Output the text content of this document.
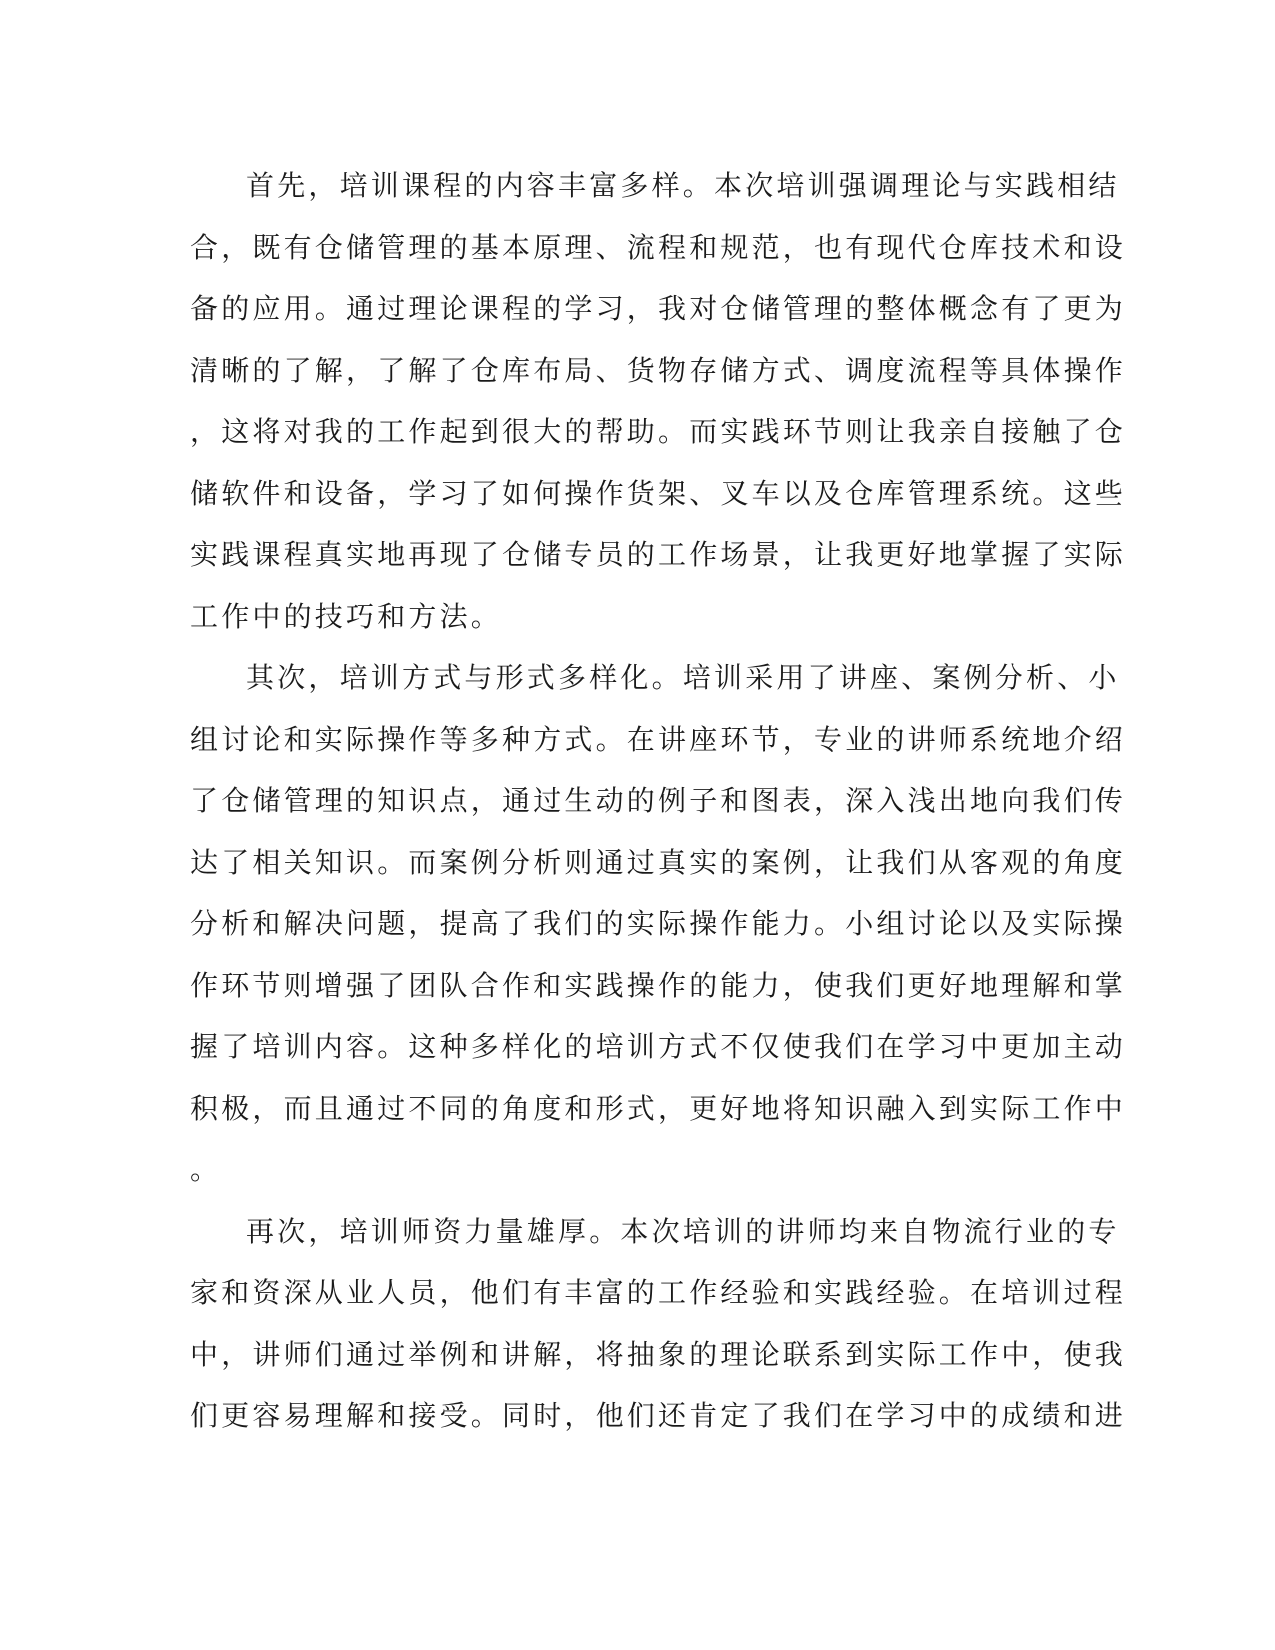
首先，培训课程的内容丰富多样。本次培训强调理论与实践相结
合，既有仓储管理的基本原理、流程和规范，也有现代仓库技术和设
备的应用。通过理论课程的学习，我对仓储管理的整体概念有了更为
清晰的了解，了解了仓库布局、货物存储方式、调度流程等具体操作
，这将对我的工作起到很大的帮助。而实践环节则让我亲自接触了仓
储软件和设备，学习了如何操作货架、叉车以及仓库管理系统。这些
实践课程真实地再现了仓储专员的工作场景，让我更好地掌握了实际
工作中的技巧和方法。

其次，培训方式与形式多样化。培训采用了讲座、案例分析、小
组讨论和实际操作等多种方式。在讲座环节，专业的讲师系统地介绍
了仓储管理的知识点，通过生动的例子和图表，深入浅出地向我们传
达了相关知识。而案例分析则通过真实的案例，让我们从客观的角度
分析和解决问题，提高了我们的实际操作能力。小组讨论以及实际操
作环节则增强了团队合作和实践操作的能力，使我们更好地理解和掌
握了培训内容。这种多样化的培训方式不仅使我们在学习中更加主动
积极，而且通过不同的角度和形式，更好地将知识融入到实际工作中
。

再次，培训师资力量雄厚。本次培训的讲师均来自物流行业的专
家和资深从业人员，他们有丰富的工作经验和实践经验。在培训过程
中，讲师们通过举例和讲解，将抽象的理论联系到实际工作中，使我
们更容易理解和接受。同时，他们还肯定了我们在学习中的成绩和进
